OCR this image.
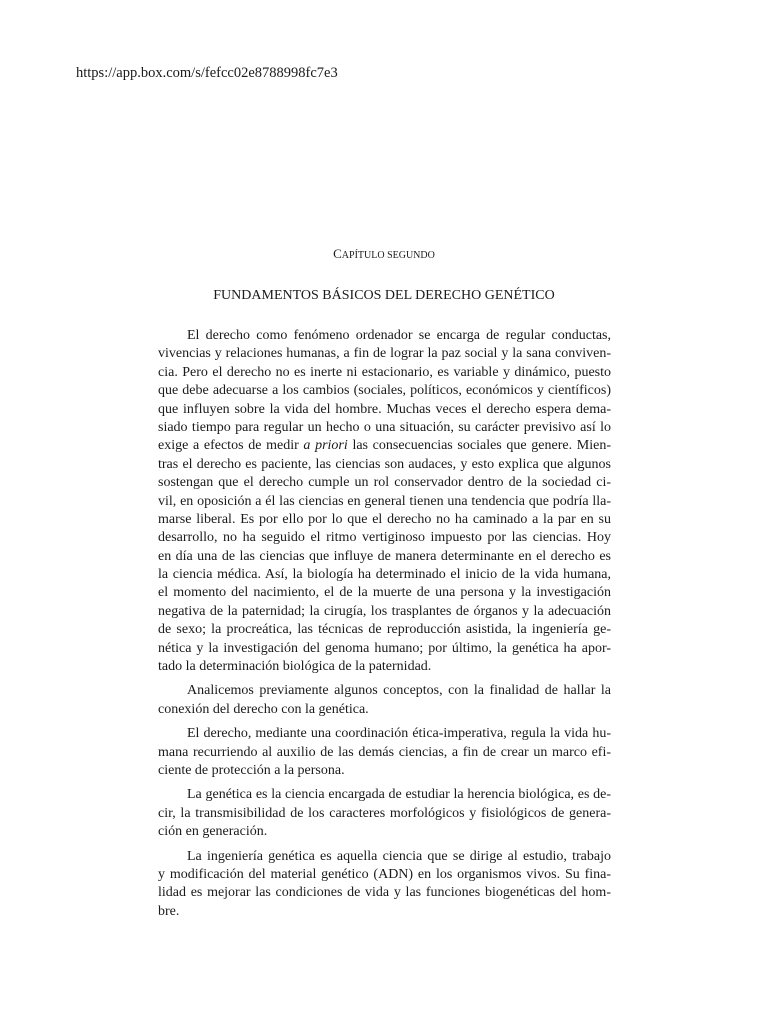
https://app.box.com/s/fefcc02e8788998fc7e3
CAPÍTULO SEGUNDO
FUNDAMENTOS BÁSICOS DEL DERECHO GENÉTICO
El derecho como fenómeno ordenador se encarga de regular conductas,
vivencias y relaciones humanas, a fin de lograr la paz social y la sana conviven-
cia. Pero el derecho no es inerte ni estacionario, es variable y dinámico, puesto
que debe adecuarse a los cambios (sociales, políticos, económicos y científicos)
que influyen sobre la vida del hombre. Muchas veces el derecho espera dema-
siado tiempo para regular un hecho o una situación, su carácter previsivo así lo
exige a efectos de medir a priori las consecuencias sociales que genere. Mien-
tras el derecho es paciente, las ciencias son audaces, y esto explica que algunos
sostengan que el derecho cumple un rol conservador dentro de la sociedad ci-
vil, en oposición a él las ciencias en general tienen una tendencia que podría lla-
marse liberal. Es por ello por lo que el derecho no ha caminado a la par en su
desarrollo, no ha seguido el ritmo vertiginoso impuesto por las ciencias. Hoy
en día una de las ciencias que influye de manera determinante en el derecho es
la ciencia médica. Así, la biología ha determinado el inicio de la vida humana,
el momento del nacimiento, el de la muerte de una persona y la investigación
negativa de la paternidad; la cirugía, los trasplantes de órganos y la adecuación
de sexo; la procreática, las técnicas de reproducción asistida, la ingeniería ge-
nética y la investigación del genoma humano; por último, la genética ha apor-
tado la determinación biológica de la paternidad.
Analicemos previamente algunos conceptos, con la finalidad de hallar la
conexión del derecho con la genética.
El derecho, mediante una coordinación ética-imperativa, regula la vida hu-
mana recurriendo al auxilio de las demás ciencias, a fin de crear un marco efi-
ciente de protección a la persona.
La genética es la ciencia encargada de estudiar la herencia biológica, es de-
cir, la transmisibilidad de los caracteres morfológicos y fisiológicos de genera-
ción en generación.
La ingeniería genética es aquella ciencia que se dirige al estudio, trabajo
y modificación del material genético (ADN) en los organismos vivos. Su fina-
lidad es mejorar las condiciones de vida y las funciones biogenéticas del hom-
bre.
